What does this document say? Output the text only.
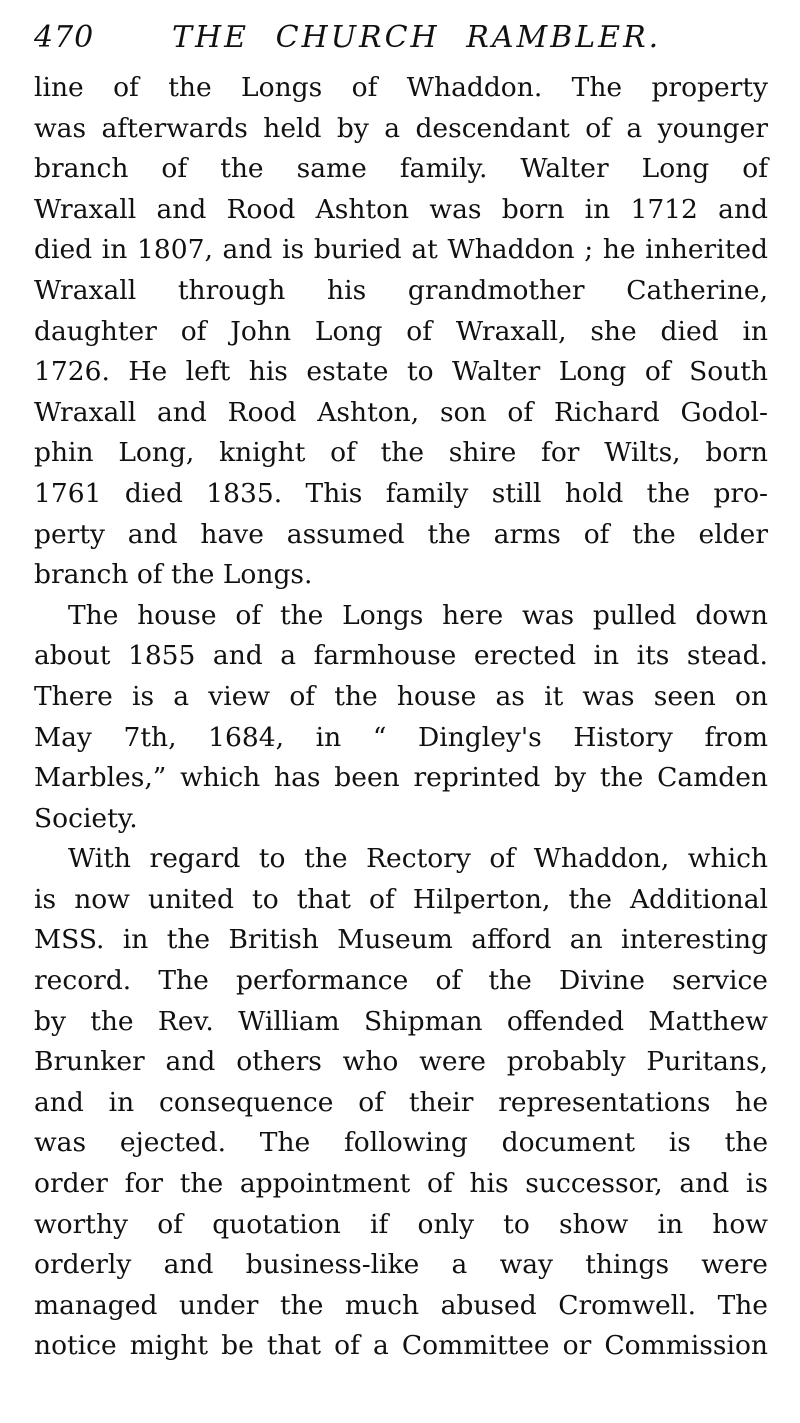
470	THE CHURCH RAMBLER.

line of the Longs of Whaddon. The property
was afterwards held by a descendant of a younger
branch of the same family. Walter Long of
Wraxall and Rood Ashton was born in 1712 and
died in 1807, and is buried at Whaddon ; he inherited
Wraxall through his grandmother Catherine,
daughter of John Long of Wraxall, she died in
1726. He left his estate to Walter Long of South
Wraxall and Rood Ashton, son of Richard Godol-
phin Long, knight of the shire for Wilts, born
1761 died 1835. This family still hold the pro-
perty and have assumed the arms of the elder
branch of the Longs.

The house of the Longs here was pulled down
about 1855 and a farmhouse erected in its stead.
There is a view of the house as it was seen on
May 7th, 1684, in “ Dingley's History from
Marbles,” which has been reprinted by the Camden
Society.

With regard to the Rectory of Whaddon, which
is now united to that of Hilperton, the Additional
MSS. in the British Museum afford an interesting
record. The performance of the Divine service
by the Rev. William Shipman offended Matthew
Brunker and others who were probably Puritans,
and in consequence of their representations he
was ejected. The following document is the
order for the appointment of his successor, and is
worthy of quotation if only to show in how
orderly and business-like a way things were
managed under the much abused Cromwell. The
notice might be that of a Committee or Commission
